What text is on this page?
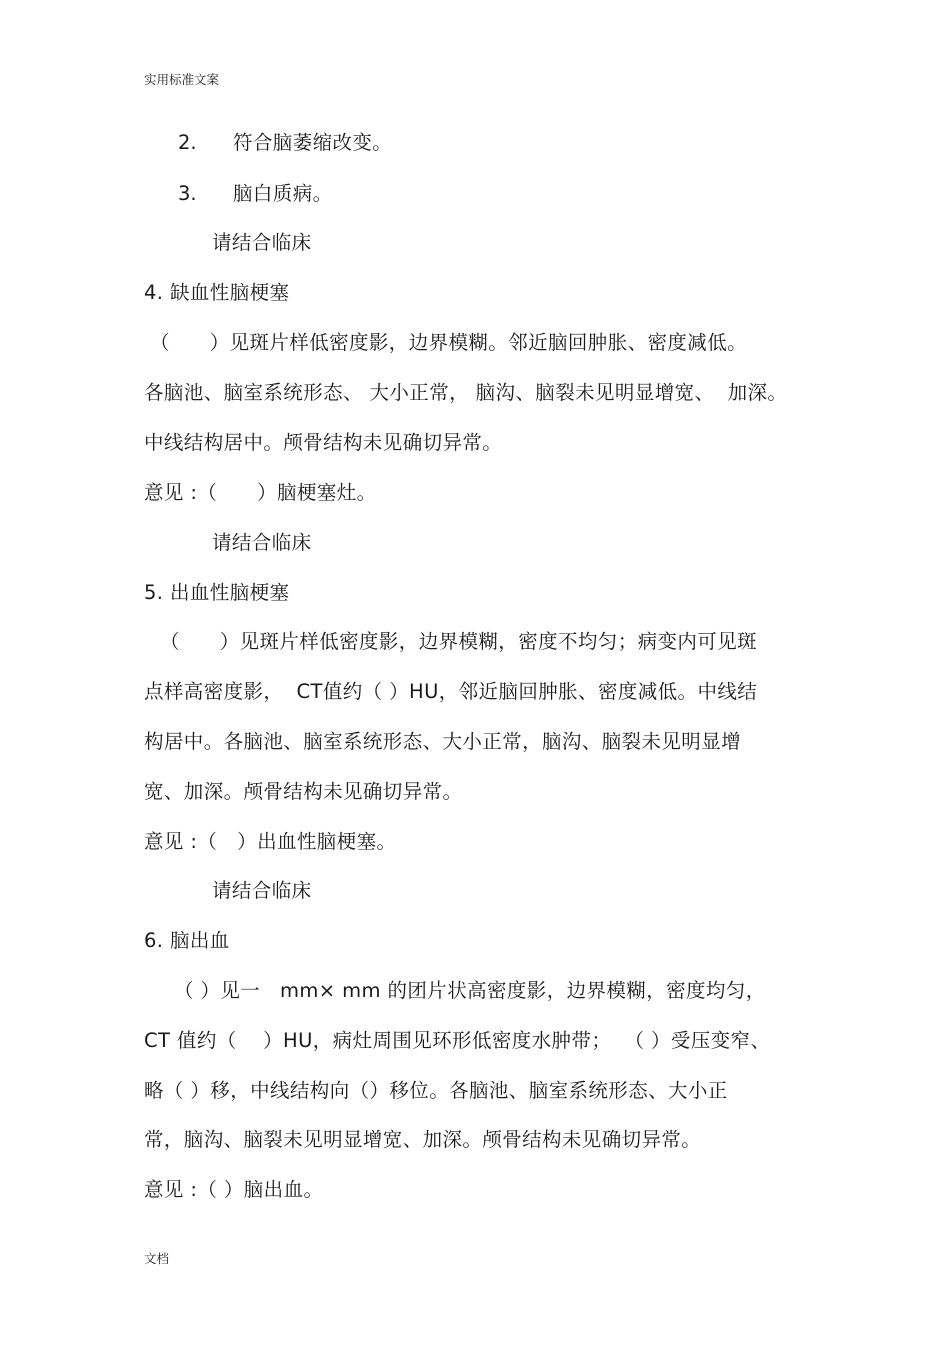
实用标准文案
2. 符合脑萎缩改变。
3. 脑白质病。
请结合临床
4. 缺血性脑梗塞
（　　）见斑片样低密度影，边界模糊。邻近脑回肿胀、密度减低。
各脑池、脑室系统形态、 大小正常， 脑沟、脑裂未见明显增宽、  加深。
中线结构居中。颅骨结构未见确切异常。
意见 :（　　）脑梗塞灶。
请结合临床
5. 出血性脑梗塞
（　　）见斑片样低密度影，边界模糊，密度不均匀；病变内可见斑
点样高密度影，  CT值约（ ）HU，邻近脑回肿胀、密度减低。中线结
构居中。各脑池、脑室系统形态、大小正常，脑沟、脑裂未见明显增
宽、加深。颅骨结构未见确切异常。
意见 :（　）出血性脑梗塞。
请结合临床
6. 脑出血
（ ）见一   mm× mm 的团片状高密度影，边界模糊，密度均匀，
CT 值约（　 ）HU，病灶周围见环形低密度水肿带；  （ ）受压变窄、
略（ ）移，中线结构向（）移位。各脑池、脑室系统形态、大小正
常，脑沟、脑裂未见明显增宽、加深。颅骨结构未见确切异常。
意见 :（ ）脑出血。
文档
